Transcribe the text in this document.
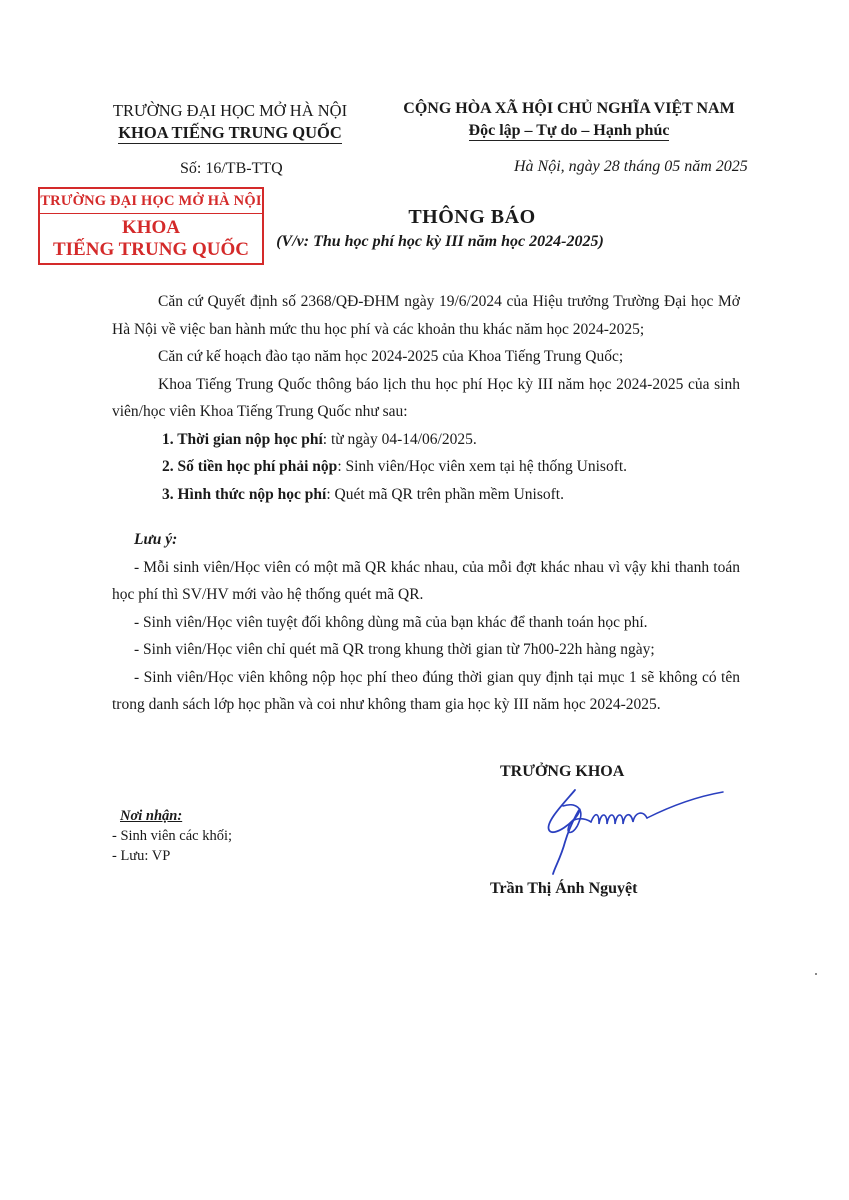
TRƯỜNG ĐẠI HỌC MỞ HÀ NỘI
KHOA TIẾNG TRUNG QUỐC
CỘNG HÒA XÃ HỘI CHỦ NGHĨA VIỆT NAM
Độc lập – Tự do – Hạnh phúc
Số: 16/TB-TTQ	Hà Nội, ngày 28 tháng 05 năm 2025
THÔNG BÁO
(V/v: Thu học phí học kỳ III năm học 2024-2025)
TRƯỜNG ĐẠI HỌC MỞ HÀ NỘI
KHOA
TIẾNG TRUNG QUỐC

Căn cứ Quyết định số 2368/QĐ-ĐHM ngày 19/6/2024 của Hiệu trưởng Trường Đại học Mở Hà Nội về việc ban hành mức thu học phí và các khoản thu khác năm học 2024-2025;

Căn cứ kế hoạch đào tạo năm học 2024-2025 của Khoa Tiếng Trung Quốc;

Khoa Tiếng Trung Quốc thông báo lịch thu học phí Học kỳ III năm học 2024-2025 của sinh viên/học viên Khoa Tiếng Trung Quốc như sau:

1. Thời gian nộp học phí: từ ngày 04-14/06/2025.

2. Số tiền học phí phải nộp: Sinh viên/Học viên xem tại hệ thống Unisoft.

3. Hình thức nộp học phí: Quét mã QR trên phần mềm Unisoft.

Lưu ý:

- Mỗi sinh viên/Học viên có một mã QR khác nhau, của mỗi đợt khác nhau vì vậy khi thanh toán học phí thì SV/HV mới vào hệ thống quét mã QR.

- Sinh viên/Học viên tuyệt đối không dùng mã của bạn khác để thanh toán học phí.

- Sinh viên/Học viên chỉ quét mã QR trong khung thời gian từ 7h00-22h hàng ngày;

- Sinh viên/Học viên không nộp học phí theo đúng thời gian quy định tại mục 1 sẽ không có tên trong danh sách lớp học phần và coi như không tham gia học kỳ III năm học 2024-2025.

TRƯỞNG KHOA
Trần Thị Ánh Nguyệt
Nơi nhận:
- Sinh viên các khối;
- Lưu: VP
